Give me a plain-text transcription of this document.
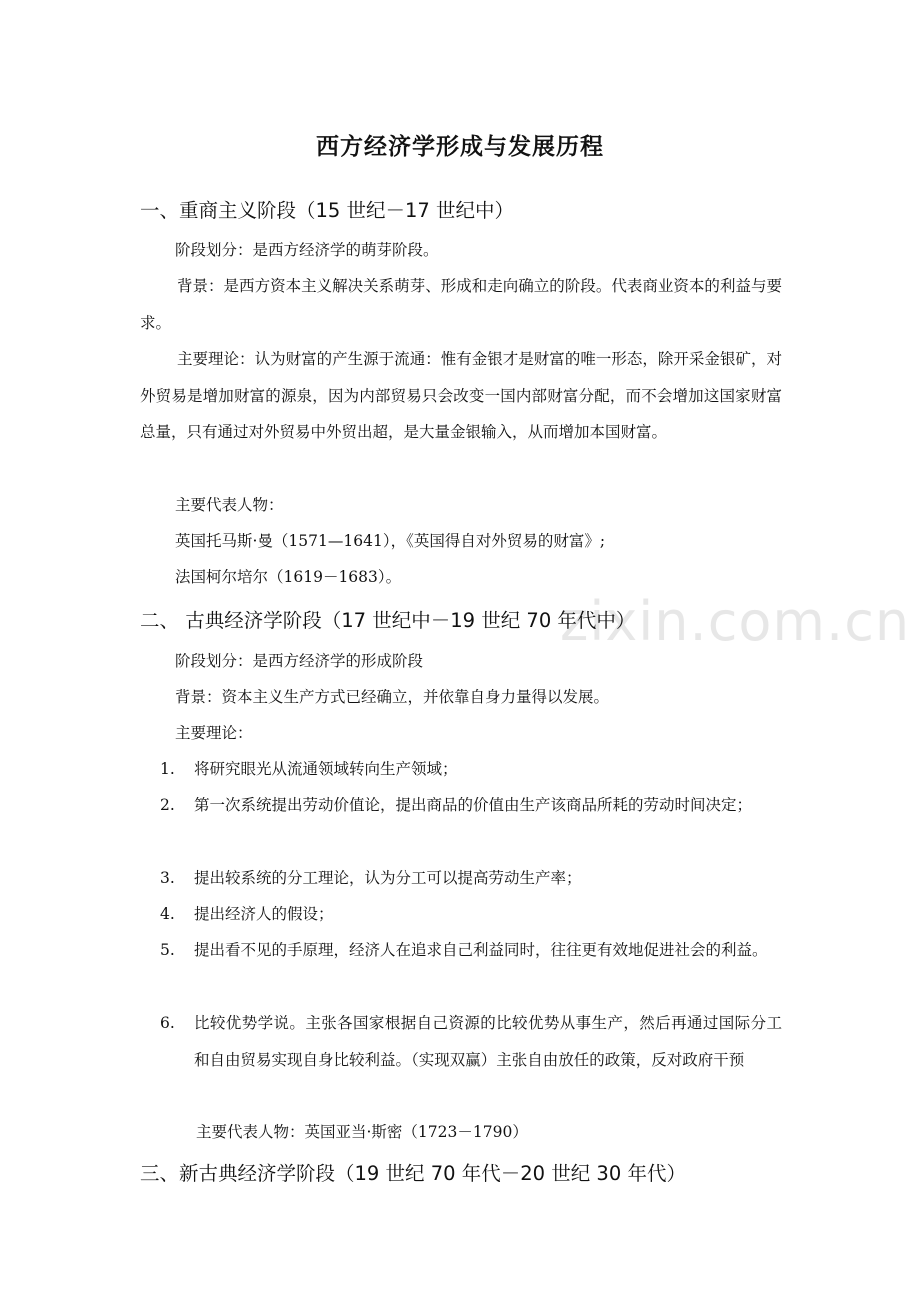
zixin.com.cn
西方经济学形成与发展历程
一、重商主义阶段（15 世纪－17 世纪中）
阶段划分：是西方经济学的萌芽阶段。
背景：是西方资本主义解决关系萌芽、形成和走向确立的阶段。代表商业资本的利益与要求。
主要理论：认为财富的产生源于流通：惟有金银才是财富的唯一形态，除开采金银矿，对外贸易是增加财富的源泉，因为内部贸易只会改变一国内部财富分配，而不会增加这国家财富总量，只有通过对外贸易中外贸出超，是大量金银输入，从而增加本国财富。
主要代表人物：
英国托马斯·曼（1571—1641），《英国得自对外贸易的财富》;
法国柯尔培尔（1619－1683）。
二、 古典经济学阶段（17 世纪中－19 世纪 70 年代中）
阶段划分：是西方经济学的形成阶段
背景：资本主义生产方式已经确立，并依靠自身力量得以发展。
主要理论：
1. 将研究眼光从流通领域转向生产领域；
2. 第一次系统提出劳动价值论，提出商品的价值由生产该商品所耗的劳动时间决定；
3. 提出较系统的分工理论，认为分工可以提高劳动生产率；
4. 提出经济人的假设；
5. 提出看不见的手原理，经济人在追求自己利益同时，往往更有效地促进社会的利益。
6. 比较优势学说。主张各国家根据自己资源的比较优势从事生产，然后再通过国际分工和自由贸易实现自身比较利益。（实现双赢）主张自由放任的政策，反对政府干预
主要代表人物：英国亚当·斯密（1723－1790）
三、新古典经济学阶段（19 世纪 70 年代－20 世纪 30 年代）
